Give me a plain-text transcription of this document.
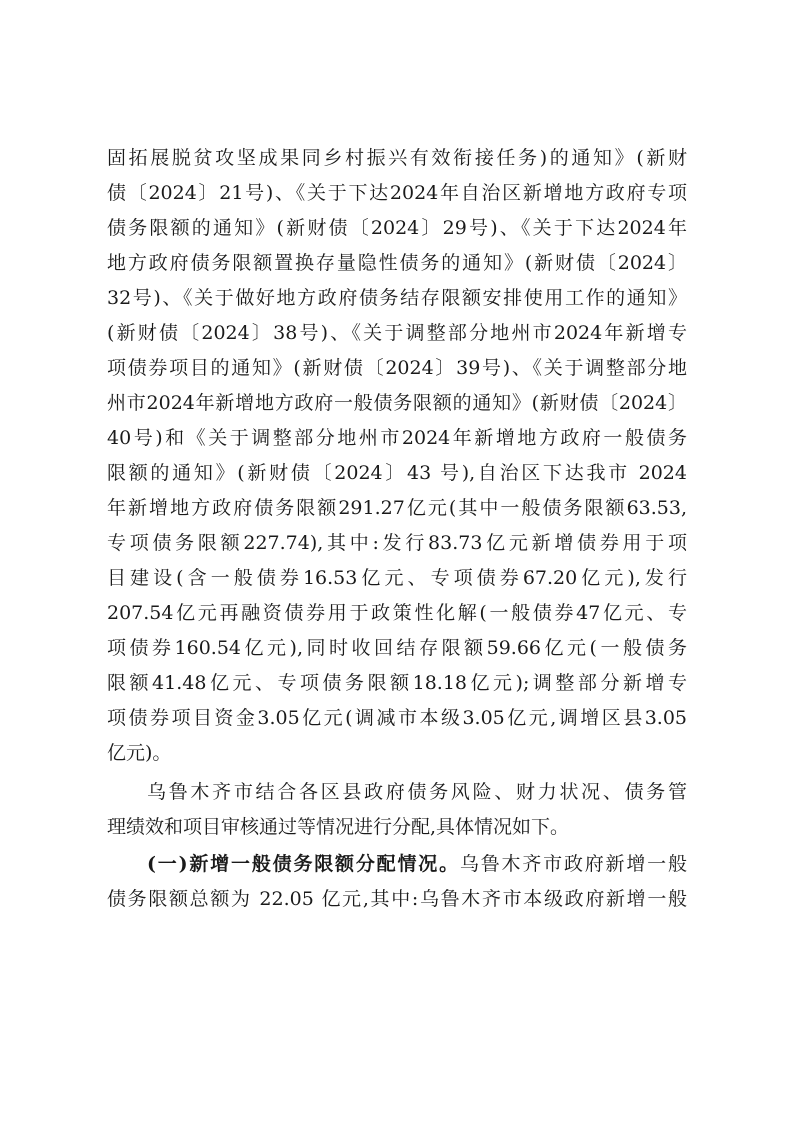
固拓展脱贫攻坚成果同乡村振兴有效衔接任务)的通知》(新财
债〔2024〕21号)、《关于下达2024年自治区新增地方政府专项
债务限额的通知》(新财债〔2024〕29号)、《关于下达2024年
地方政府债务限额置换存量隐性债务的通知》(新财债〔2024〕
32号)、《关于做好地方政府债务结存限额安排使用工作的通知》
(新财债〔2024〕38号)、《关于调整部分地州市2024年新增专
项债券项目的通知》(新财债〔2024〕39号)、《关于调整部分地
州市2024年新增地方政府一般债务限额的通知》(新财债〔2024〕
40号)和《关于调整部分地州市2024年新增地方政府一般债务
限额的通知》(新财债〔2024〕43 号),自治区下达我市 2024
年新增地方政府债务限额291.27亿元(其中一般债务限额63.53,
专项债务限额227.74),其中:发行83.73亿元新增债券用于项
目建设(含一般债券16.53亿元、专项债券67.20亿元),发行
207.54亿元再融资债券用于政策性化解(一般债券47亿元、专
项债券160.54亿元),同时收回结存限额59.66亿元(一般债务
限额41.48亿元、专项债务限额18.18亿元);调整部分新增专
项债券项目资金3.05亿元(调减市本级3.05亿元,调增区县3.05
亿元)。
乌鲁木齐市结合各区县政府债务风险、财力状况、债务管
理绩效和项目审核通过等情况进行分配,具体情况如下。
(一)新增一般债务限额分配情况。乌鲁木齐市政府新增一般
债务限额总额为 22.05 亿元,其中:乌鲁木齐市本级政府新增一般
